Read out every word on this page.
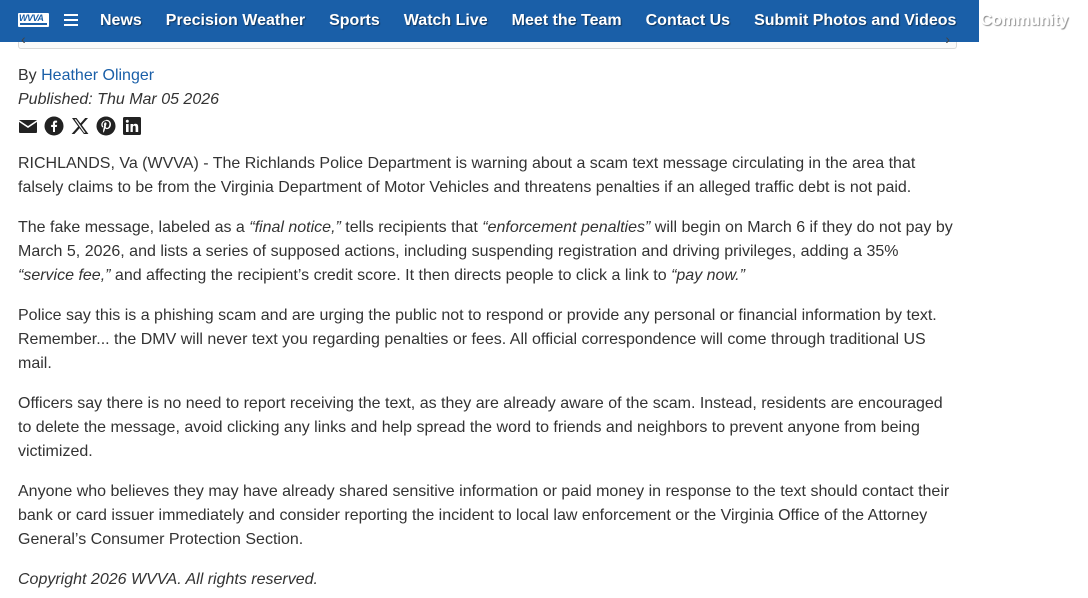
WVVA	News Precision Weather Sports Watch Live Meet the Team Contact Us Submit Photos and Videos Community
‹	›

By Heather Olinger

Published: Thu Mar 05 2026

RICHLANDS, Va (WVVA) - The Richlands Police Department is warning about a scam text message circulating in the area that falsely claims to be from the Virginia Department of Motor Vehicles and threatens penalties if an alleged traffic debt is not paid.

The fake message, labeled as a “final notice,” tells recipients that “enforcement penalties” will begin on March 6 if they do not pay by March 5, 2026, and lists a series of supposed actions, including suspending registration and driving privileges, adding a 35% “service fee,” and affecting the recipient’s credit score. It then directs people to click a link to “pay now.”

Police say this is a phishing scam and are urging the public not to respond or provide any personal or financial information by text. Remember... the DMV will never text you regarding penalties or fees. All official correspondence will come through traditional US mail.

Officers say there is no need to report receiving the text, as they are already aware of the scam. Instead, residents are encouraged to delete the message, avoid clicking any links and help spread the word to friends and neighbors to prevent anyone from being victimized.

Anyone who believes they may have already shared sensitive information or paid money in response to the text should contact their bank or card issuer immediately and consider reporting the incident to local law enforcement or the Virginia Office of the Attorney General’s Consumer Protection Section.

Copyright 2026 WVVA. All rights reserved.
